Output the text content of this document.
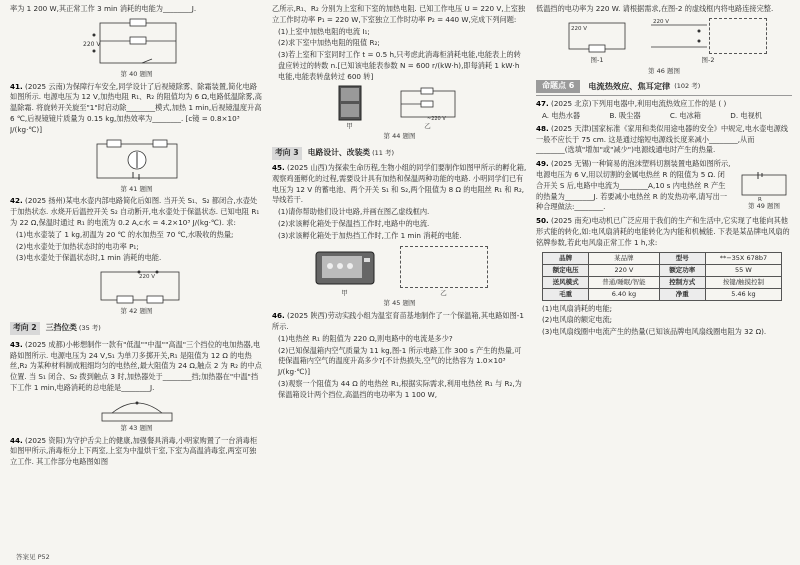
率为 1 200 W,其正常工作 3 min 消耗的电能为________J.

220 V
第 40 题图

41. (2025 云南)为保障行车安全,同学设计了后视镜除雾、除霜装置,简化电路如图所示. 电源电压为 12 V,加热电阻 R₁、R₂ 的阻值均为 6 Ω,电路低温除雾,高温除霜. 将旋转开关旋至"1"时启动除________模式,加热 1 min,后视镜温度升高 6 ℃,后视镜镜片质量为 0.15 kg,加热效率为________. [c镜 = 0.8×10³ J/(kg·℃)]

第 41 题图

42. (2025 扬州)某电水壶内部电路简化后如图. 当开关 S₁、S₂ 都闭合,水壶处于加热状态. 水烧开后温控开关 S₂ 自动断开,电水壶处于保温状态. 已知电阻 R₁ 为 22 Ω,保温时通过 R₁ 的电流为 0.2 A,c水 = 4.2×10³ J/(kg·℃). 求:

(1)电水壶装了 1 kg,初温为 20 ℃ 的水加热至 70 ℃,水吸收的热量;

(2)电水壶处于加热状态时的电功率 P₁;

(3)电水壶处于保温状态时,1 min 消耗的电能.

220 V
第 42 题图
考向 2	三挡位类 (35 考)

43. (2025 成都)小彬想制作一款有"低温""中温""高温"三个挡位的电加热器,电路如图所示. 电源电压为 24 V,S₁ 为单刀多掷开关,R₁ 是阻值为 12 Ω 的电热丝,R₂ 为某种材料制成粗细均匀的电热丝,最大阻值为 24 Ω,触点 2 为 R₂ 的中点位置. 当 S₁ 闭合、S₂ 拨到触点 3 时,加热器处于________挡;加热器在"中温"挡下工作 1 min,电路消耗的总电能是________J.

第 43 题图

44. (2025 资阳)为守护舌尖上的健康,加强餐具消毒,小明家购置了一台消毒柜如图甲所示,消毒柜分上下两室,上室为中温烘干室,下室为高温消毒室,两室可独立工作. 其工作部分电路图如图

答案见 P52

乙所示,R₁、R₂ 分别为上室和下室的加热电阻. 已知工作电压 U = 220 V,上室独立工作时功率 P₁ = 220 W,下室独立工作时功率 P₂ = 440 W,完成下列问题:

(1)上室中加热电阻的电流 I₁;

(2)求下室中加热电阻的阻值 R₂;

(3)若上室和下室同时工作 t = 0.5 h,只考虑此消毒柜消耗电能,电能表上的转盘应转过的转数 n.[已知该电能表参数 N = 600 r/(kW·h),即每消耗 1 kW·h 电能,电能表转盘转过 600 转]

甲
~220 V
乙
第 44 题图
考向 3	电路设计、改装类 (11 考)

45. (2025 山西)为探索生命历程,生物小组的同学们要制作如图甲所示的孵化箱,观察鸡蛋孵化的过程,需要设计具有加热和保温两种功能的电路. 小明同学们已有电压为 12 V 的蓄电池、两个开关 S₁ 和 S₂,两个阻值为 8 Ω 的电阻丝 R₁ 和 R₂,导线若干.

(1)请你帮助他们设计电路,并画在图乙虚线框内.

(2)求该孵化箱处于保温挡工作时,电路中的电流.

(3)求该孵化箱处于加热挡工作时,工作 1 min 消耗的电能.

甲	乙
第 45 题图

46. (2025 陕西)劳动实践小组为温室育苗基地制作了一个保温箱,其电路如图-1 所示.

(1)电热丝 R₁ 的阻值为 220 Ω,则电路中的电流是多少?

(2)已知保温箱内空气质量为 11 kg,图-1 所示电路工作 300 s 产生的热量,可使保温箱内空气的温度升高多少?[不计热损失,空气的比热容为 1.0×10³ J/(kg·℃)]

(3)观察一个阻值为 44 Ω 的电热丝 R₁,根据实际需求,利用电热丝 R₁ 与 R₂,为保温箱设计两个挡位,高温挡的电功率为 1 100 W,

低温挡的电功率为 220 W. 请根据需求,在图-2 的虚线框内将电路连接完整.

220 V
图-1
220 V
图-2
第 46 题图
命题点 6	电流热效应、焦耳定律 (102 考)

47. (2025 北京)下列用电器中,利用电流热效应工作的是 ( )

A. 电热水器	B. 吸尘器	C. 电冰箱	D. 电视机

48. (2025 天津)国家标准《家用和类似用途电器的安全》中规定,电水壶电源线一般不应长于 75 cm. 这是通过缩短电源线长度来减小________,从而________(选填"增加"或"减少")电源线通电时产生的热量.

49. (2025 无锡)一种简易的泡沫塑料切割装置电路如图所示,电源电压为 6 V,用以切割的金属电热丝 R 的阻值为 5 Ω. 闭合开关 S 后,电路中电流为________A,10 s 内电热丝 R 产生的热量为________J. 若要减小电热丝 R 的发热功率,请写出一种合理做法:________.

R
第 49 题图

50. (2025 南充)电动机已广泛应用于我们的生产和生活中,它实现了电能向其他形式能的转化,如:电风扇消耗的电能转化为内能和机械能. 下表是某品牌电风扇的铭牌参数,若此电风扇正常工作 1 h,求:

品牌	某品牌	型号	**−35X 678b7
额定电压	220 V	额定功率	55 W
送风模式	普通/睡眠/智能	控制方式	按键/触摸控制
毛重	6.40 kg	净重	5.46 kg

(1)电风扇消耗的电能;

(2)电风扇的额定电流;

(3)电风扇线圈中电流产生的热量(已知该品牌电风扇线圈电阻为 32 Ω).
